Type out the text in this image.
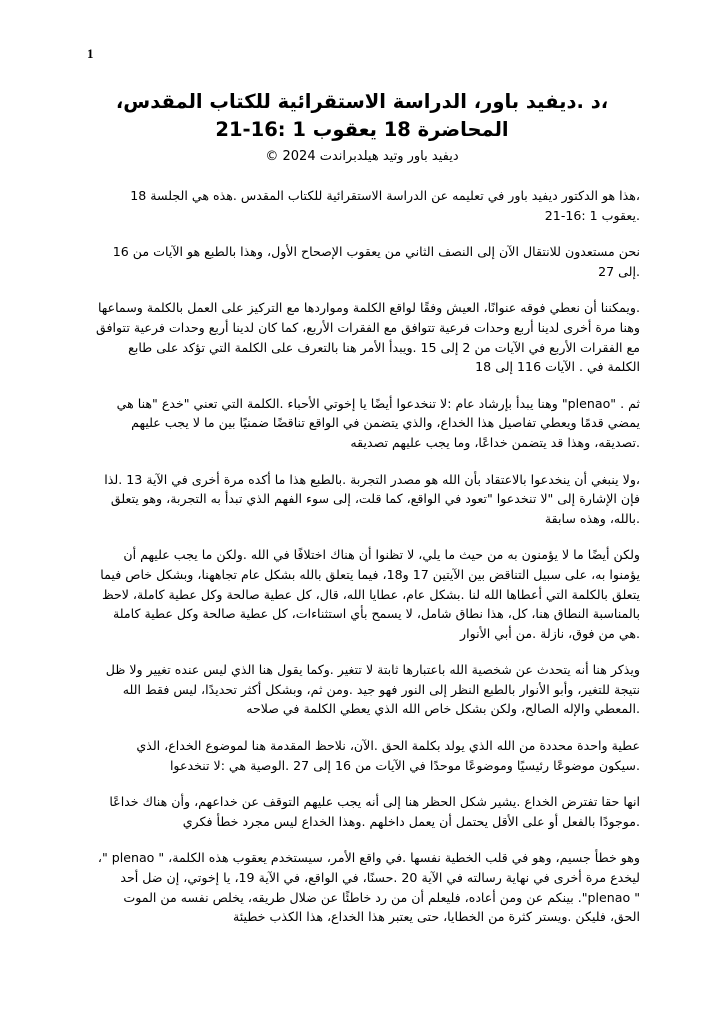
1
،د .ديفيد باور، الدراسة الاستقرائية للكتاب المقدس، المحاضرة 18 يعقوب 1 :16-21
ديفيد باور وتيد هيلدبراندت 2024 ©

،هذا هو الدكتور ديفيد باور في تعليمه عن الدراسة الاستقرائية للكتاب المقدس .هذه هي الجلسة 18 .يعقوب 1 :16-21

نحن مستعدون للانتقال الآن إلى النصف الثاني من يعقوب الإصحاح الأول، وهذا بالطبع هو الآيات من 16 .إلى 27

.ويمكننا أن نعطي فوقه عنوانًا، العيش وفقًا لواقع الكلمة ومواردها مع التركيز على العمل بالكلمة وسماعها وهنا مرة أخرى لدينا أربع وحدات فرعية تتوافق مع الفقرات الأربع، كما كان لدينا أربع وحدات فرعية تتوافق مع الفقرات الأربع في الآيات من 2 إلى 15 .ويبدأ الأمر هنا بالتعرف على الكلمة التي تؤكد على طابع الكلمة في . الآيات 116 إلى 18

ثم . "plenao" وهنا يبدأ بإرشاد عام :لا تنخدعوا أيضًا يا إخوتي الأحباء .الكلمة التي تعني "خدع "هنا هي يمضي قدمًا ويعطي تفاصيل هذا الخداع، والذي يتضمن في الواقع تناقضًا ضمنيًا بين ما لا يجب عليهم .تصديقه، وهذا قد يتضمن خداعًا، وما يجب عليهم تصديقه

،ولا ينبغي أن ينخدعوا بالاعتقاد بأن الله هو مصدر التجربة .بالطبع هذا ما أكده مرة أخرى في الآية 13 .لذا فإن الإشارة إلى "لا تنخدعوا "تعود في الواقع، كما قلت، إلى سوء الفهم الذي تبدأ به التجربة، وهو يتعلق .بالله، وهذه سابقة

ولكن أيضًا ما لا يؤمنون به من حيث ما يلي، لا تظنوا أن هناك اختلافًا في الله .ولكن ما يجب عليهم أن يؤمنوا به، على سبيل التناقض بين الآيتين 17 و18، فيما يتعلق بالله بشكل عام تجاههنا، وبشكل خاص فيما يتعلق بالكلمة التي أعطاها الله لنا .بشكل عام، عطايا الله، قال، كل عطية صالحة وكل عطية كاملة، لاحظ بالمناسبة النطاق هنا، كل، هذا نطاق شامل، لا يسمح بأي استثناءات، كل عطية صالحة وكل عطية كاملة .هي من فوق، نازلة .من أبي الأنوار

ويذكر هنا أنه يتحدث عن شخصية الله باعتبارها ثابتة لا تتغير .وكما يقول هنا الذي ليس عنده تغيير ولا ظل نتيجة للتغير، وأبو الأنوار بالطبع النظر إلى النور فهو جيد .ومن ثم، وبشكل أكثر تحديدًا، ليس فقط الله .المعطي والإله الصالح، ولكن بشكل خاص الله الذي يعطي الكلمة في صلاحه

عطية واحدة محددة من الله الذي يولد بكلمة الحق .الآن، نلاحظ المقدمة هنا لموضوع الخداع، الذي .سيكون موضوعًا رئيسيًا وموضوعًا موحدًا في الآيات من 16 إلى 27 .الوصية هي :لا تنخدعوا

انها حقا تفترض الخداع .يشير شكل الحظر هنا إلى أنه يجب عليهم التوقف عن خداعهم، وأن هناك خداعًا .موجودًا بالفعل أو على الأقل يحتمل أن يعمل داخلهم .وهذا الخداع ليس مجرد خطأ فكري

،" plenao " ،وهو خطأ جسيم، وهو في قلب الخطية نفسها .في واقع الأمر، سيستخدم يعقوب هذه الكلمة ليخدع مرة أخرى في نهاية رسالته في الآية 20 .حسنًا، في الواقع، في الآية 19، يا إخوتي، إن ضل أحد بينكم عن ومن أعاده، فليعلم أن من رد خاطئًا عن ضلال طريقه، يخلص نفسه من الموت ."plenao " الحق، فليكن .ويستر كثرة من الخطايا، حتى يعتبر هذا الخداع، هذا الكذب خطيئة
